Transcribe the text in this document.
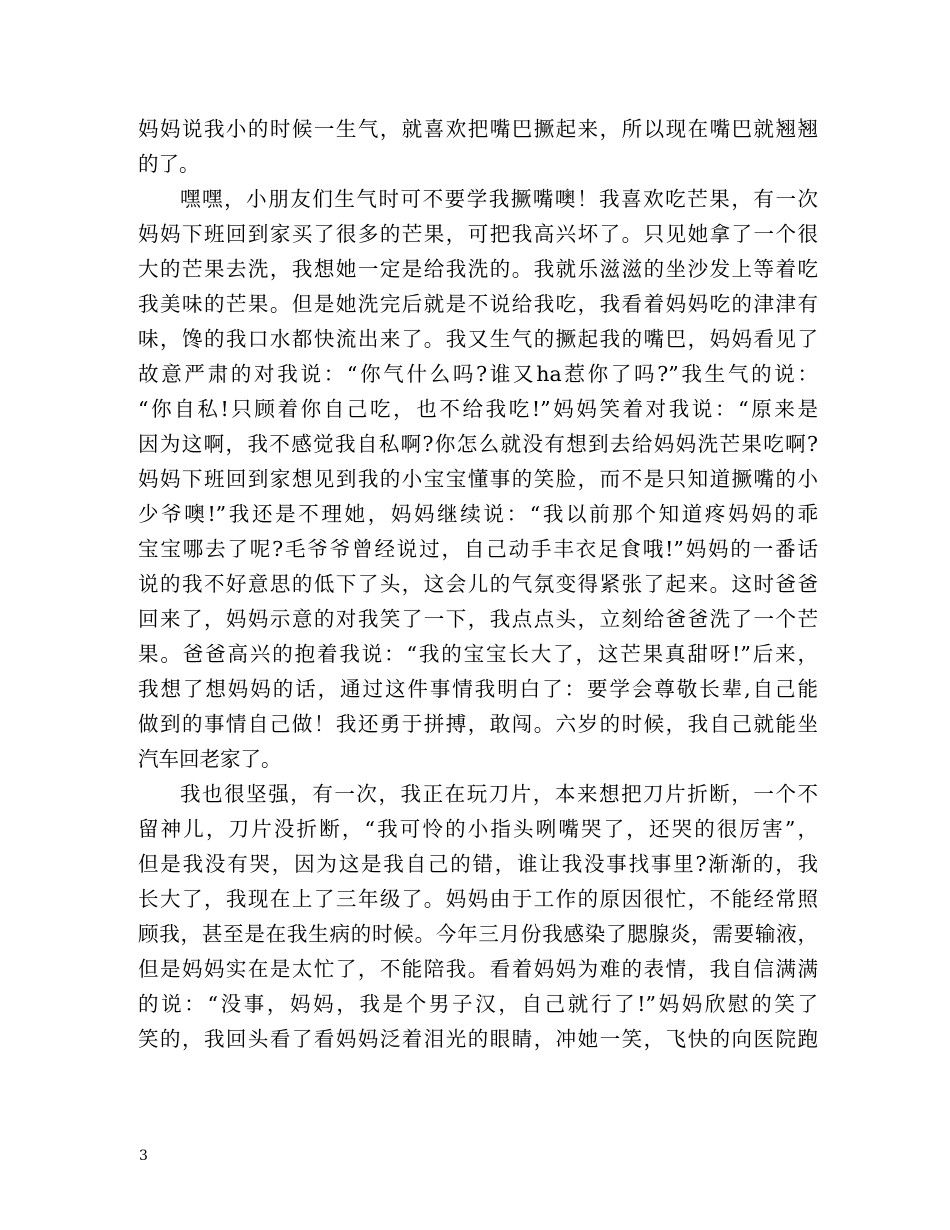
妈妈说我小的时候一生气，就喜欢把嘴巴撅起来，所以现在嘴巴就翘翘
的了。
嘿嘿，小朋友们生气时可不要学我撅嘴噢！我喜欢吃芒果，有一次
妈妈下班回到家买了很多的芒果，可把我高兴坏了。只见她拿了一个很
大的芒果去洗，我想她一定是给我洗的。我就乐滋滋的坐沙发上等着吃
我美味的芒果。但是她洗完后就是不说给我吃，我看着妈妈吃的津津有
味，馋的我口水都快流出来了。我又生气的撅起我的嘴巴，妈妈看见了
故意严肃的对我说：“你气什么吗?谁又ha惹你了吗?”我生气的说：
“你自私!只顾着你自己吃，也不给我吃!”妈妈笑着对我说：“原来是
因为这啊，我不感觉我自私啊?你怎么就没有想到去给妈妈洗芒果吃啊?
妈妈下班回到家想见到我的小宝宝懂事的笑脸，而不是只知道撅嘴的小
少爷噢!”我还是不理她，妈妈继续说：“我以前那个知道疼妈妈的乖
宝宝哪去了呢?毛爷爷曾经说过，自己动手丰衣足食哦!”妈妈的一番话
说的我不好意思的低下了头，这会儿的气氛变得紧张了起来。这时爸爸
回来了，妈妈示意的对我笑了一下，我点点头，立刻给爸爸洗了一个芒
果。爸爸高兴的抱着我说：“我的宝宝长大了，这芒果真甜呀!”后来，
我想了想妈妈的话，通过这件事情我明白了：要学会尊敬长辈,自己能
做到的事情自己做！我还勇于拼搏，敢闯。六岁的时候，我自己就能坐
汽车回老家了。
我也很坚强，有一次，我正在玩刀片，本来想把刀片折断，一个不
留神儿，刀片没折断，“我可怜的小指头咧嘴哭了，还哭的很厉害”，
但是我没有哭，因为这是我自己的错，谁让我没事找事里?渐渐的，我
长大了，我现在上了三年级了。妈妈由于工作的原因很忙，不能经常照
顾我，甚至是在我生病的时候。今年三月份我感染了腮腺炎，需要输液，
但是妈妈实在是太忙了，不能陪我。看着妈妈为难的表情，我自信满满
的说：“没事，妈妈，我是个男子汉，自己就行了!”妈妈欣慰的笑了
笑的，我回头看了看妈妈泛着泪光的眼睛，冲她一笑，飞快的向医院跑
3
